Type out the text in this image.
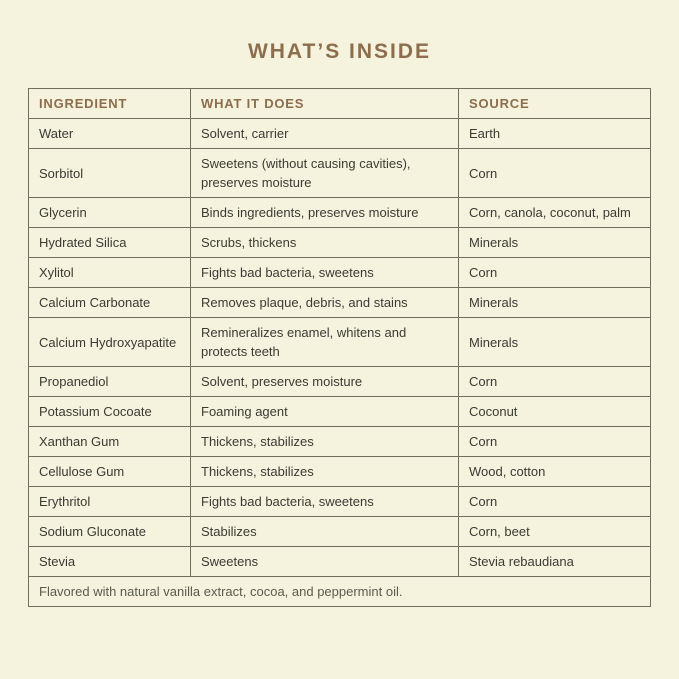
WHAT’S INSIDE
INGREDIENT	WHAT IT DOES	SOURCE
Water	Solvent, carrier	Earth
Sorbitol	Sweetens (without causing cavities), preserves moisture	Corn
Glycerin	Binds ingredients, preserves moisture	Corn, canola, coconut, palm
Hydrated Silica	Scrubs, thickens	Minerals
Xylitol	Fights bad bacteria, sweetens	Corn
Calcium Carbonate	Removes plaque, debris, and stains	Minerals
Calcium Hydroxyapatite	Remineralizes enamel, whitens and protects teeth	Minerals
Propanediol	Solvent, preserves moisture	Corn
Potassium Cocoate	Foaming agent	Coconut
Xanthan Gum	Thickens, stabilizes	Corn
Cellulose Gum	Thickens, stabilizes	Wood, cotton
Erythritol	Fights bad bacteria, sweetens	Corn
Sodium Gluconate	Stabilizes	Corn, beet
Stevia	Sweetens	Stevia rebaudiana
Flavored with natural vanilla extract, cocoa, and peppermint oil.		
